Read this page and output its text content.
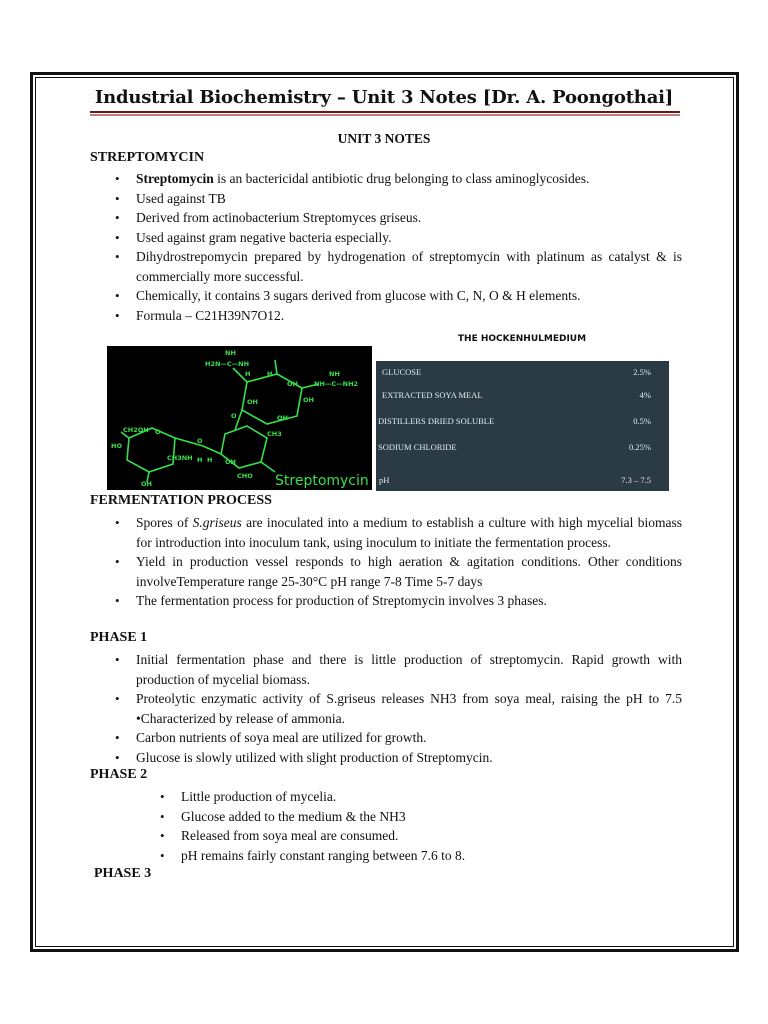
Industrial Biochemistry – Unit 3 Notes [Dr. A. Poongothai]
UNIT 3 NOTES
STREPTOMYCIN
• Streptomycin is an bactericidal antibiotic drug belonging to class aminoglycosides.
• Used against TB
• Derived from actinobacterium Streptomyces griseus.
• Used against gram negative bacteria especially.
• Dihydrostrepomycin prepared by hydrogenation of streptomycin with platinum as catalyst & is commercially more successful.
• Chemically, it contains 3 sugars derived from glucose with C, N, O & H elements.
• Formula – C21H39N7O12.
NH
H2N—C—NH
NH
NH—C—NH2
OH
OH
OH
OH
O
O
H	H
CH3
CHO
OH
CH2OH
CH3NH
HO
H H
OH
O
Streptomycin
THE HOCKENHULMEDIUM
GLUCOSE	2.5%
EXTRACTED SOYA MEAL	4%
DISTILLERS DRIED SOLUBLE	0.5%
SODIUM CHLORIDE	0.25%
pH	7.3 – 7.5
FERMENTATION PROCESS
• Spores of S.griseus are inoculated into a medium to establish a culture with high mycelial biomass for introduction into inoculum tank, using inoculum to initiate the fermentation process.
• Yield in production vessel responds to high aeration & agitation conditions. Other conditions involveTemperature range 25-30°C pH range 7-8 Time 5-7 days
• The fermentation process for production of Streptomycin involves 3 phases.
PHASE 1
• Initial fermentation phase and there is little production of streptomycin. Rapid growth with production of mycelial biomass.
• Proteolytic enzymatic activity of S.griseus releases NH3 from soya meal, raising the pH to 7.5 •Characterized by release of ammonia.
• Carbon nutrients of soya meal are utilized for growth.
• Glucose is slowly utilized with slight production of Streptomycin.
PHASE 2
• Little production of mycelia.
• Glucose added to the medium & the NH3
• Released from soya meal are consumed.
• pH remains fairly constant ranging between 7.6 to 8.
PHASE 3
